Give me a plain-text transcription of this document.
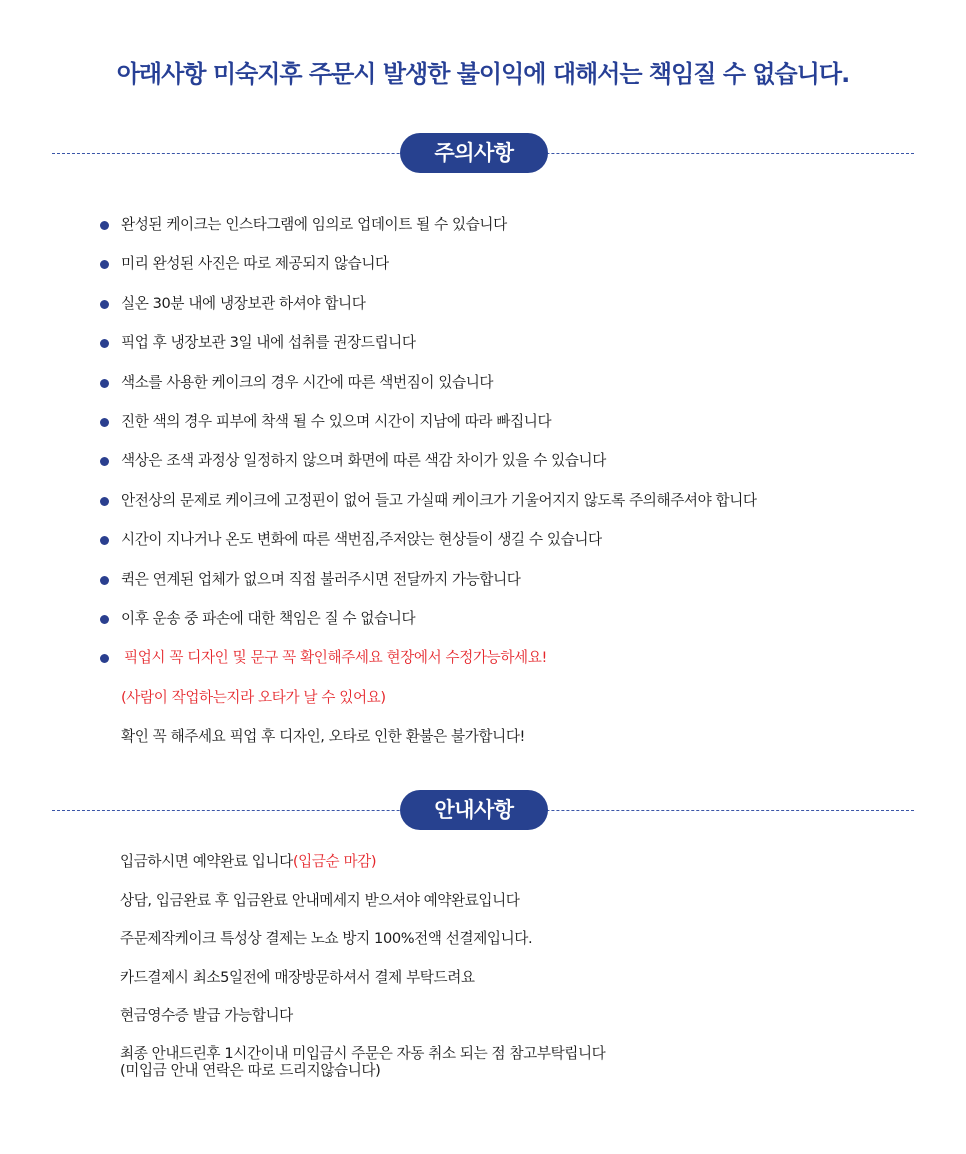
아래사항 미숙지후 주문시 발생한 불이익에 대해서는 책임질 수 없습니다.
주의사항
완성된 케이크는 인스타그램에 임의로 업데이트 될 수 있습니다
미리 완성된 사진은 따로 제공되지 않습니다
실온 30분 내에 냉장보관 하셔야 합니다
픽업 후 냉장보관 3일 내에 섭취를 권장드립니다
색소를 사용한 케이크의 경우 시간에 따른 색번짐이 있습니다
진한 색의 경우 피부에 착색 될 수 있으며 시간이 지남에 따라 빠집니다
색상은 조색 과정상 일정하지 않으며 화면에 따른 색감 차이가 있을 수 있습니다
안전상의 문제로 케이크에 고정핀이 없어 들고 가실때 케이크가 기울어지지 않도록 주의해주셔야 합니다
시간이 지나거나 온도 변화에 따른 색번짐,주저앉는 현상들이 생길 수 있습니다
퀵은 연계된 업체가 없으며 직접 불러주시면 전달까지 가능합니다
이후 운송 중 파손에 대한 책임은 질 수 없습니다
픽업시 꼭 디자인 및 문구 꼭 확인해주세요 현장에서 수정가능하세요!
(사람이 작업하는지라 오타가 날 수 있어요)
확인 꼭 해주세요 픽업 후 디자인, 오타로 인한 환불은 불가합니다!
안내사항
입금하시면 예약완료 입니다(입금순 마감)
상담, 입금완료 후 입금완료 안내메세지 받으셔야 예약완료입니다
주문제작케이크 특성상 결제는 노쇼 방지 100%전액 선결제입니다.
카드결제시 최소5일전에 매장방문하셔서 결제 부탁드려요
현금영수증 발급 가능합니다
최종 안내드린후 1시간이내 미입금시 주문은 자동 취소 되는 점 참고부탁립니다
(미입금 안내 연락은 따로 드리지않습니다)
